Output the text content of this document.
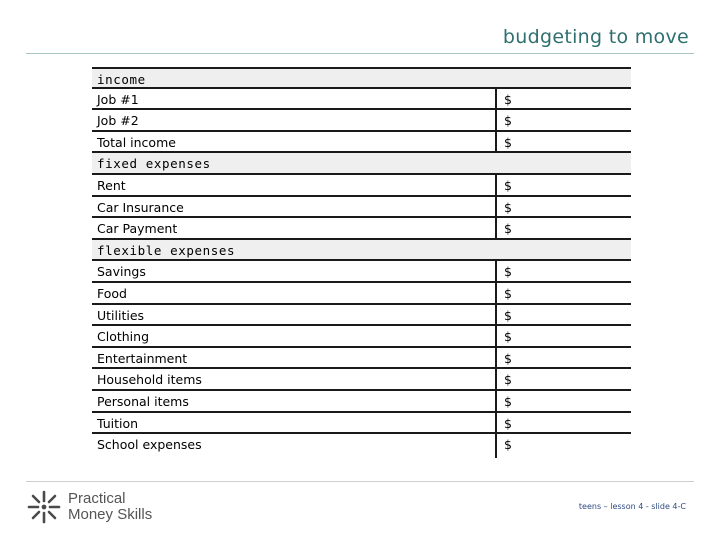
budgeting to move
income
Job #1	$
Job #2	$
Total income	$
fixed expenses
Rent	$
Car Insurance	$
Car Payment	$
flexible expenses
Savings	$
Food	$
Utilities	$
Clothing	$
Entertainment	$
Household items	$
Personal items	$
Tuition	$
School expenses	$
Practical
Money Skills	teens – lesson 4 - slide 4-C
